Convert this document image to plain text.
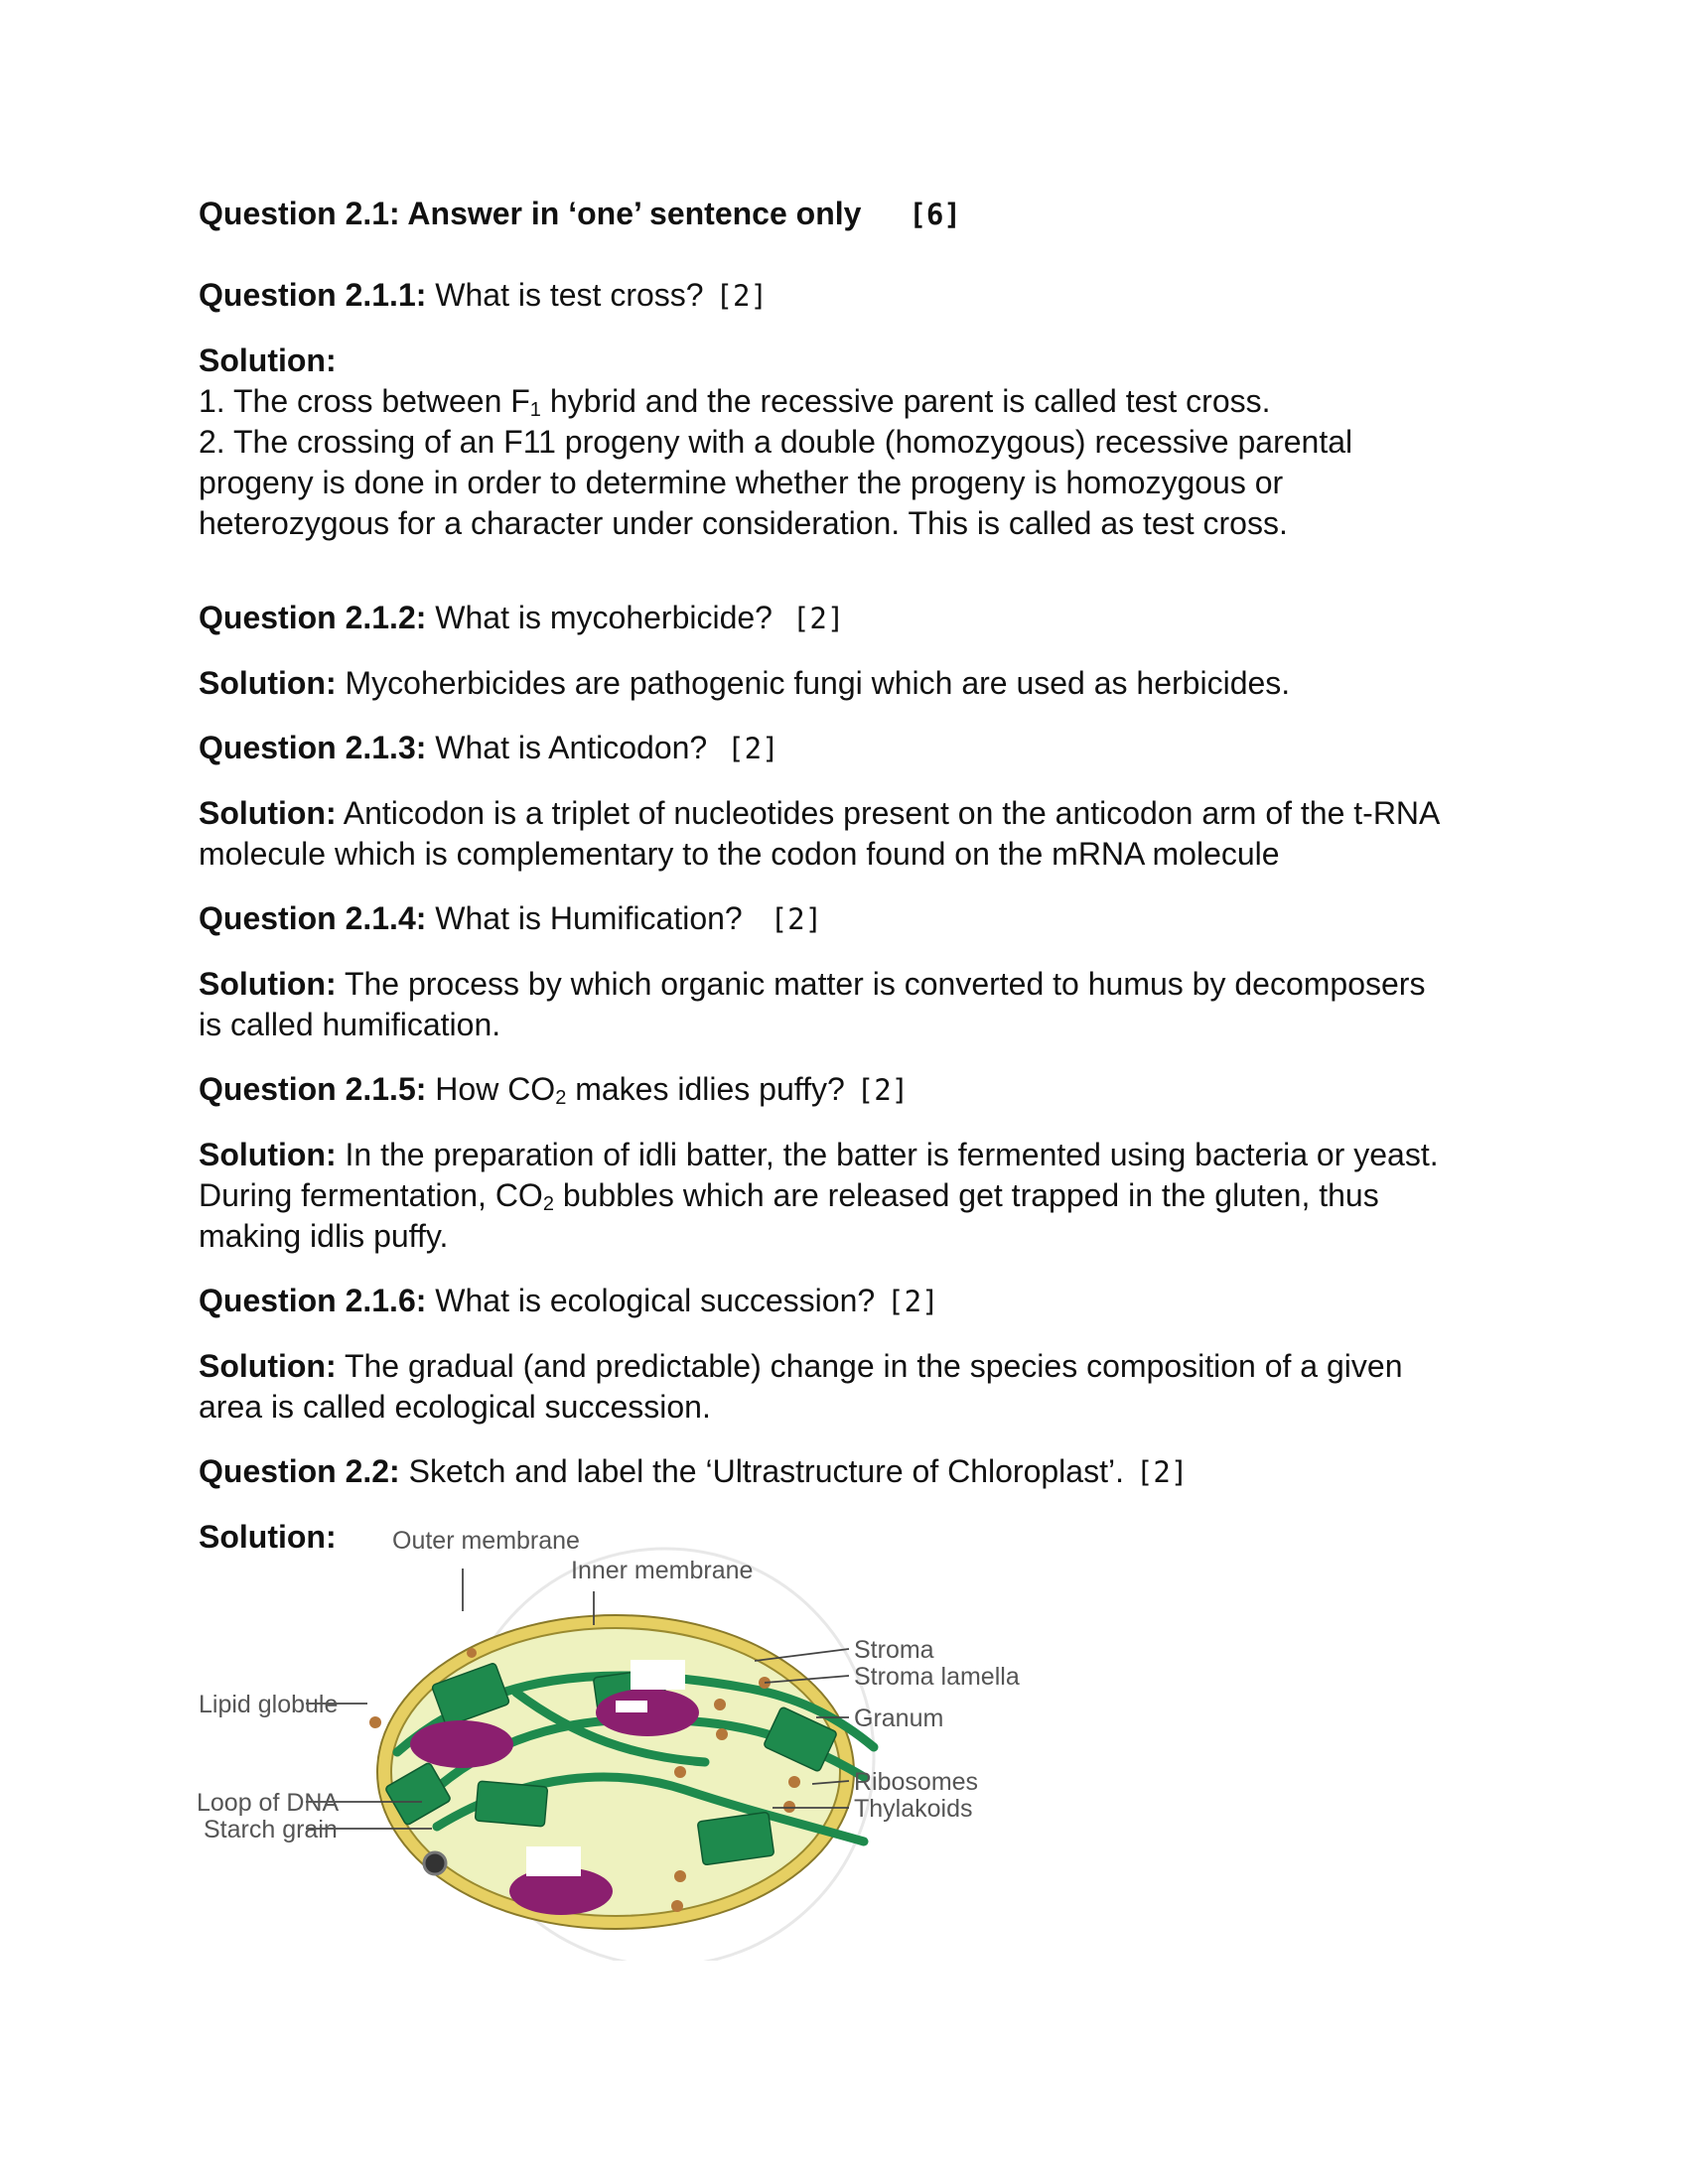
Question 2.1: Answer in ‘one’ sentence only [6]

Question 2.1.1: What is test cross? [2]

Solution:

1. The cross between $F_1$ hybrid and the recessive parent is called test cross.

2. The crossing of an F11 progeny with a double (homozygous) recessive parental

progeny is done in order to determine whether the progeny is homozygous or

heterozygous for a character under consideration. This is called as test cross.

Question 2.1.2: What is mycoherbicide? [2]

Solution: Mycoherbicides are pathogenic fungi which are used as herbicides.

Question 2.1.3: What is Anticodon? [2]

Solution: Anticodon is a triplet of nucleotides present on the anticodon arm of the t-RNA

molecule which is complementary to the codon found on the mRNA molecule

Question 2.1.4: What is Humification? [2]

Solution: The process by which organic matter is converted to humus by decomposers

is called humification.

Question 2.1.5: How $CO_2$ makes idlies puffy? [2]

Solution: In the preparation of idli batter, the batter is fermented using bacteria or yeast.

During fermentation, $CO_2$ bubbles which are released get trapped in the gluten, thus

making idlis puffy.

Question 2.1.6: What is ecological succession? [2]

Solution: The gradual (and predictable) change in the species composition of a given

area is called ecological succession.

Question 2.2: Sketch and label the ‘Ultrastructure of Chloroplast’. [2]

Solution:	Outer membrane
Inner membrane
Stroma
Stroma lamella
Granum
Ribosomes
Thylakoids
Lipid globule
Loop of DNA
Starch grain
